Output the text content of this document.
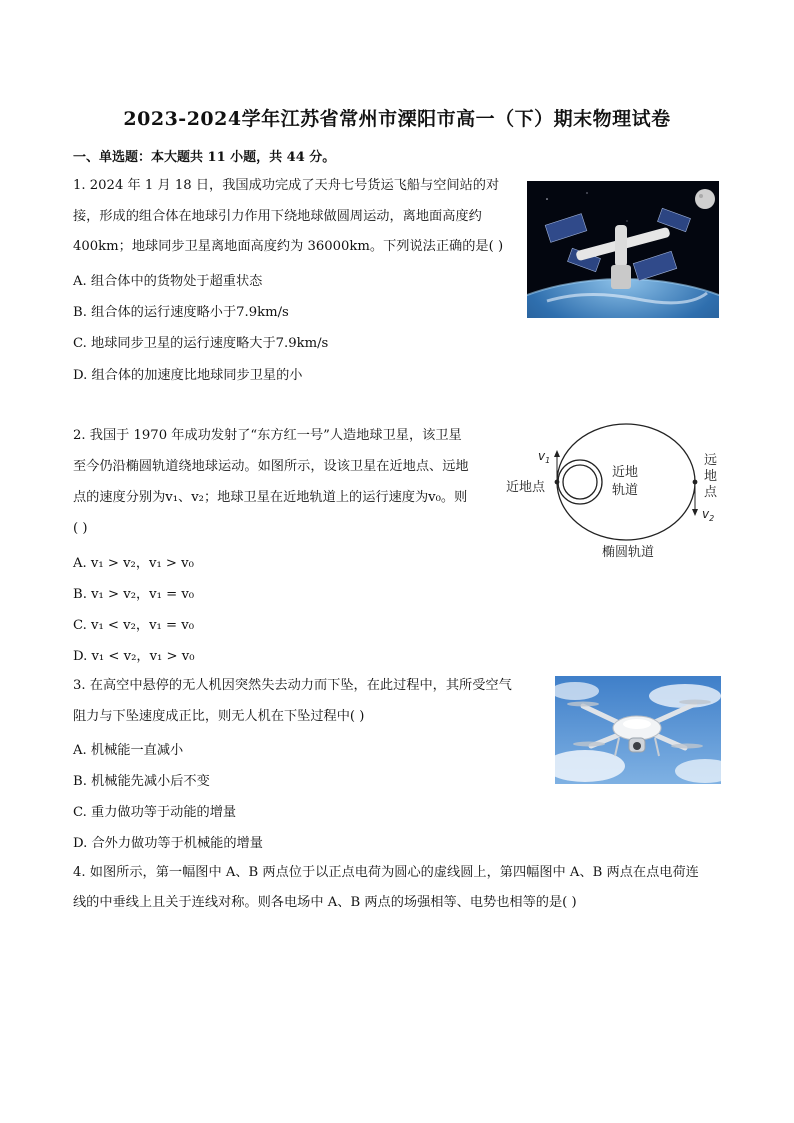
2023-2024学年江苏省常州市溧阳市高一（下）期末物理试卷
一、单选题：本大题共 11 小题，共 44 分。
1. 2024 年 1 月 18 日，我国成功完成了天舟七号货运飞船与空间站的对
接，形成的组合体在地球引力作用下绕地球做圆周运动，离地面高度约
400km；地球同步卫星离地面高度约为 36000km。下列说法正确的是( )
A. 组合体中的货物处于超重状态
B. 组合体的运行速度略小于7.9km/s
C. 地球同步卫星的运行速度略大于7.9km/s
D. 组合体的加速度比地球同步卫星的小
2. 我国于 1970 年成功发射了“东方红一号”人造地球卫星，该卫星
至今仍沿椭圆轨道绕地球运动。如图所示，设该卫星在近地点、远地
点的速度分别为v₁、v₂；地球卫星在近地轨道上的运行速度为v₀。则
( )
A. v₁ > v₂，v₁ > v₀
B. v₁ > v₂，v₁ = v₀
C. v₁ < v₂，v₁ = v₀
D. v₁ < v₂，v₁ > v₀
$v_1$
$v_2$
近地点
近地
轨道
远
地
点
椭圆轨道
3. 在高空中悬停的无人机因突然失去动力而下坠，在此过程中，其所受空气
阻力与下坠速度成正比，则无人机在下坠过程中( )
A. 机械能一直减小
B. 机械能先减小后不变
C. 重力做功等于动能的增量
D. 合外力做功等于机械能的增量
4. 如图所示，第一幅图中 A、B 两点位于以正点电荷为圆心的虚线圆上，第四幅图中 A、B 两点在点电荷连
线的中垂线上且关于连线对称。则各电场中 A、B 两点的场强相等、电势也相等的是( )
